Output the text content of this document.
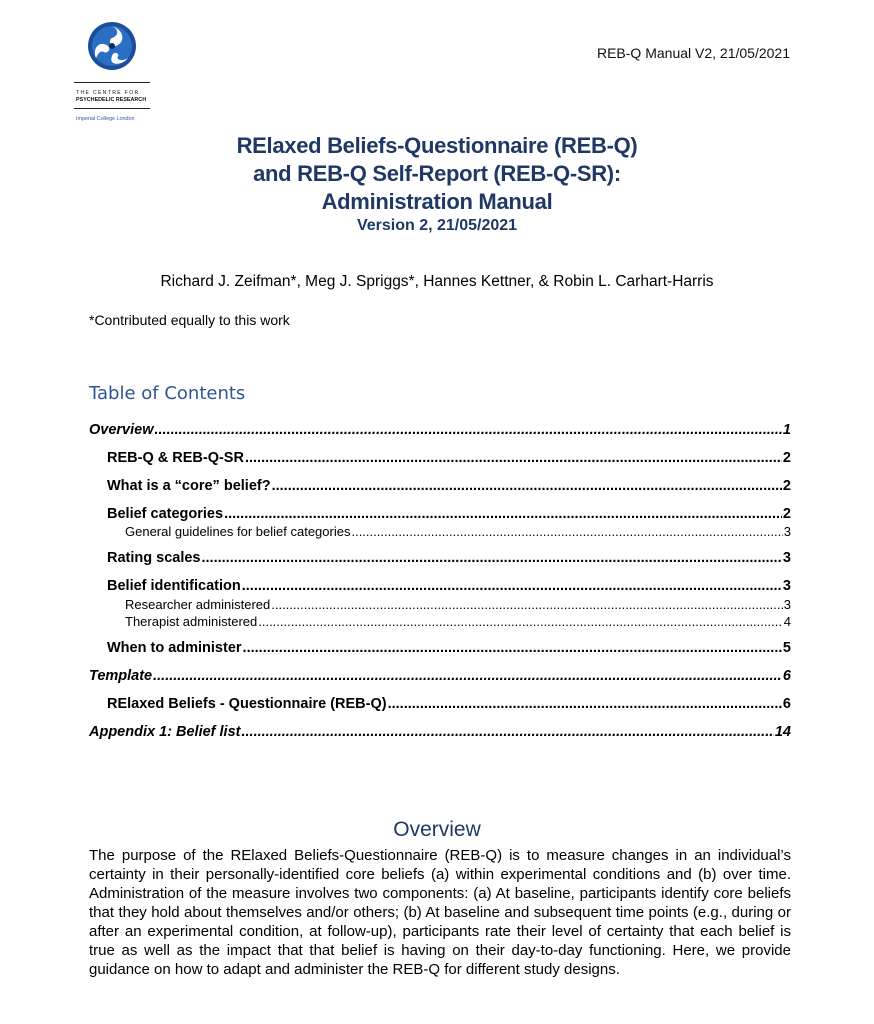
THE CENTRE FOR
PSYCHEDELIC RESEARCH
Imperial College London
REB-Q Manual V2, 21/05/2021
RElaxed Beliefs-Questionnaire (REB-Q)
and REB-Q Self-Report (REB-Q-SR):
Administration Manual
Version 2, 21/05/2021
Richard J. Zeifman*, Meg J. Spriggs*, Hannes Kettner, & Robin L. Carhart-Harris
*Contributed equally to this work
Table of Contents
Overview .....	1
REB-Q & REB-Q-SR .....	2
What is a “core” belief? .....	2
Belief categories .....	2
General guidelines for belief categories .....	3
Rating scales .....	3
Belief identification .....	3
Researcher administered .....	3
Therapist administered .....	4
When to administer .....	5
Template .....	6
RElaxed Beliefs - Questionnaire (REB-Q) .....	6
Appendix 1: Belief list .....	14
Overview
The purpose of the RElaxed Beliefs-Questionnaire (REB-Q) is to measure changes in an individual’s certainty in their personally-identified core beliefs (a) within experimental conditions and (b) over time. Administration of the measure involves two components: (a) At baseline, participants identify core beliefs that they hold about themselves and/or others; (b) At baseline and subsequent time points (e.g., during or after an experimental condition, at follow-up), participants rate their level of certainty that each belief is true as well as the impact that that belief is having on their day-to-day functioning. Here, we provide guidance on how to adapt and administer the REB-Q for different study designs.
